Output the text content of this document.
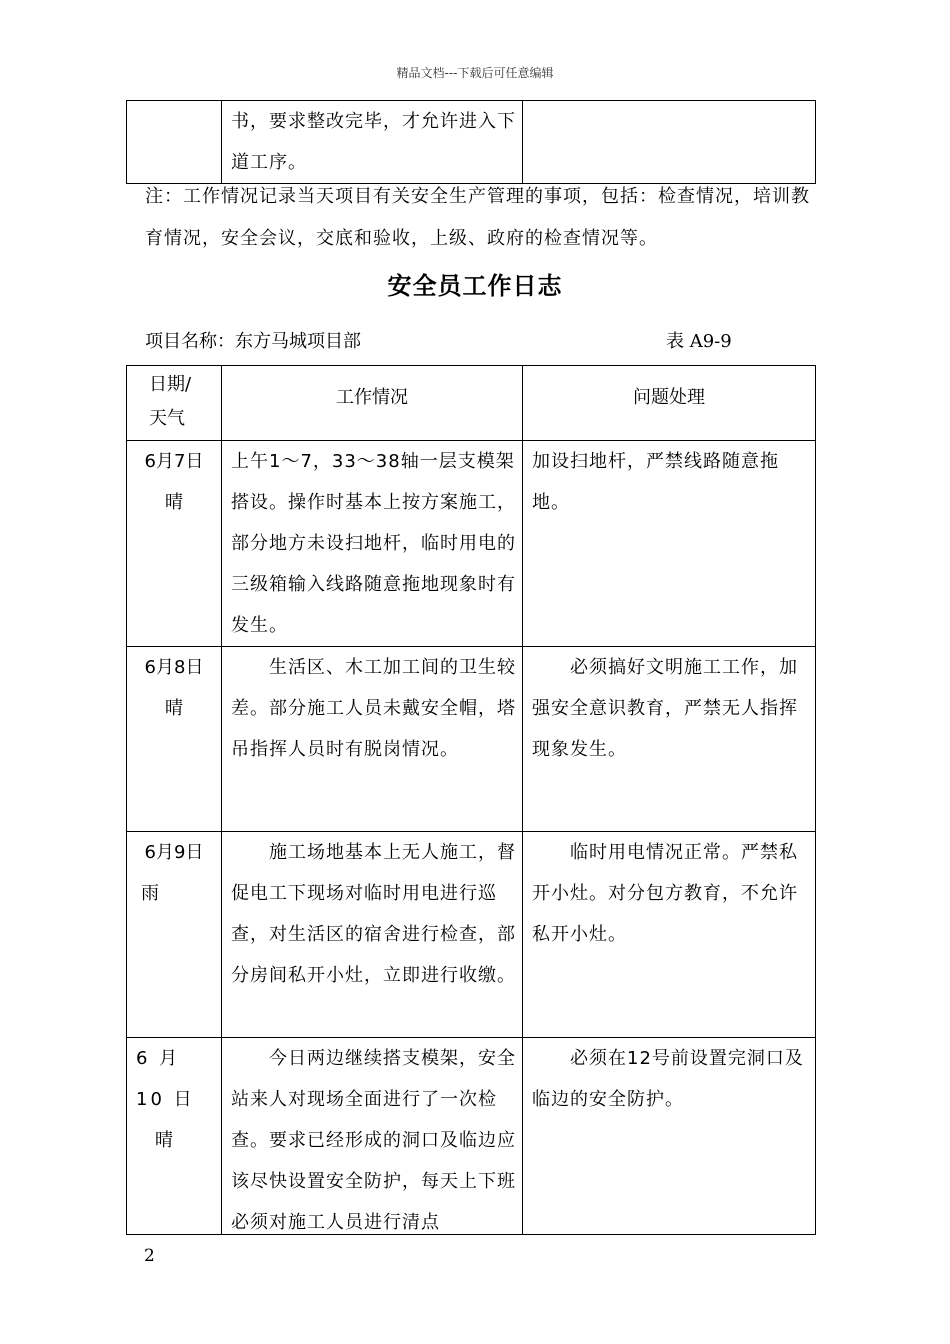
精品文档---下载后可任意编辑

书，要求整改完毕，才允许进入下道工序。

注：工作情况记录当天项目有关安全生产管理的事项，包括：检查情况，培训教育情况，安全会议，交底和验收，上级、政府的检查情况等。
安全员工作日志
项目名称：东方马城项目部	表 A9-9
日期/天气	工作情况	问题处理

6月7日
晴	上午1～7，33～38轴一层支模架搭设。操作时基本上按方案施工，部分地方未设扫地杆，临时用电的三级箱输入线路随意拖地现象时有发生。	加设扫地杆，严禁线路随意拖地。

6月8日
晴	生活区、木工加工间的卫生较差。部分施工人员未戴安全帽，塔吊指挥人员时有脱岗情况。	必须搞好文明施工工作，加强安全意识教育，严禁无人指挥现象发生。

6月9日
雨	施工场地基本上无人施工，督促电工下现场对临时用电进行巡查，对生活区的宿舍进行检查，部分房间私开小灶，立即进行收缴。	临时用电情况正常。严禁私开小灶。对分包方教育，不允许私开小灶。

6 月 10 日
晴	今日两边继续搭支模架，安全站来人对现场全面进行了一次检查。要求已经形成的洞口及临边应该尽快设置安全防护，每天上下班必须对施工人员进行清点	必须在12号前设置完洞口及临边的安全防护。
2
